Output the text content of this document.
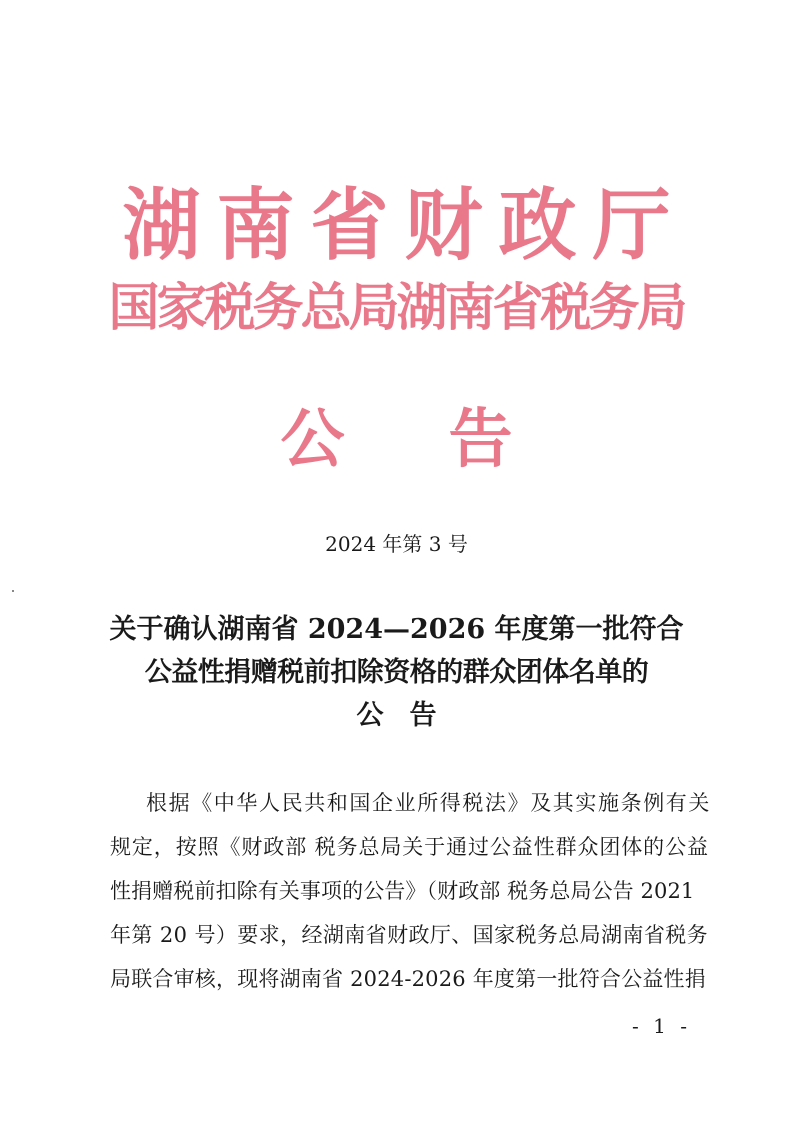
湖南省财政厅
国家税务总局湖南省税务局
公告
2024 年第 3 号
关于确认湖南省 2024—2026 年度第一批符合
公益性捐赠税前扣除资格的群众团体名单的
公告
根据《中华人民共和国企业所得税法》及其实施条例有关
规定，按照《财政部 税务总局关于通过公益性群众团体的公益
性捐赠税前扣除有关事项的公告》（财政部 税务总局公告 2021
年第 20 号）要求，经湖南省财政厅、国家税务总局湖南省税务
局联合审核，现将湖南省 2024-2026 年度第一批符合公益性捐
- 1 -
